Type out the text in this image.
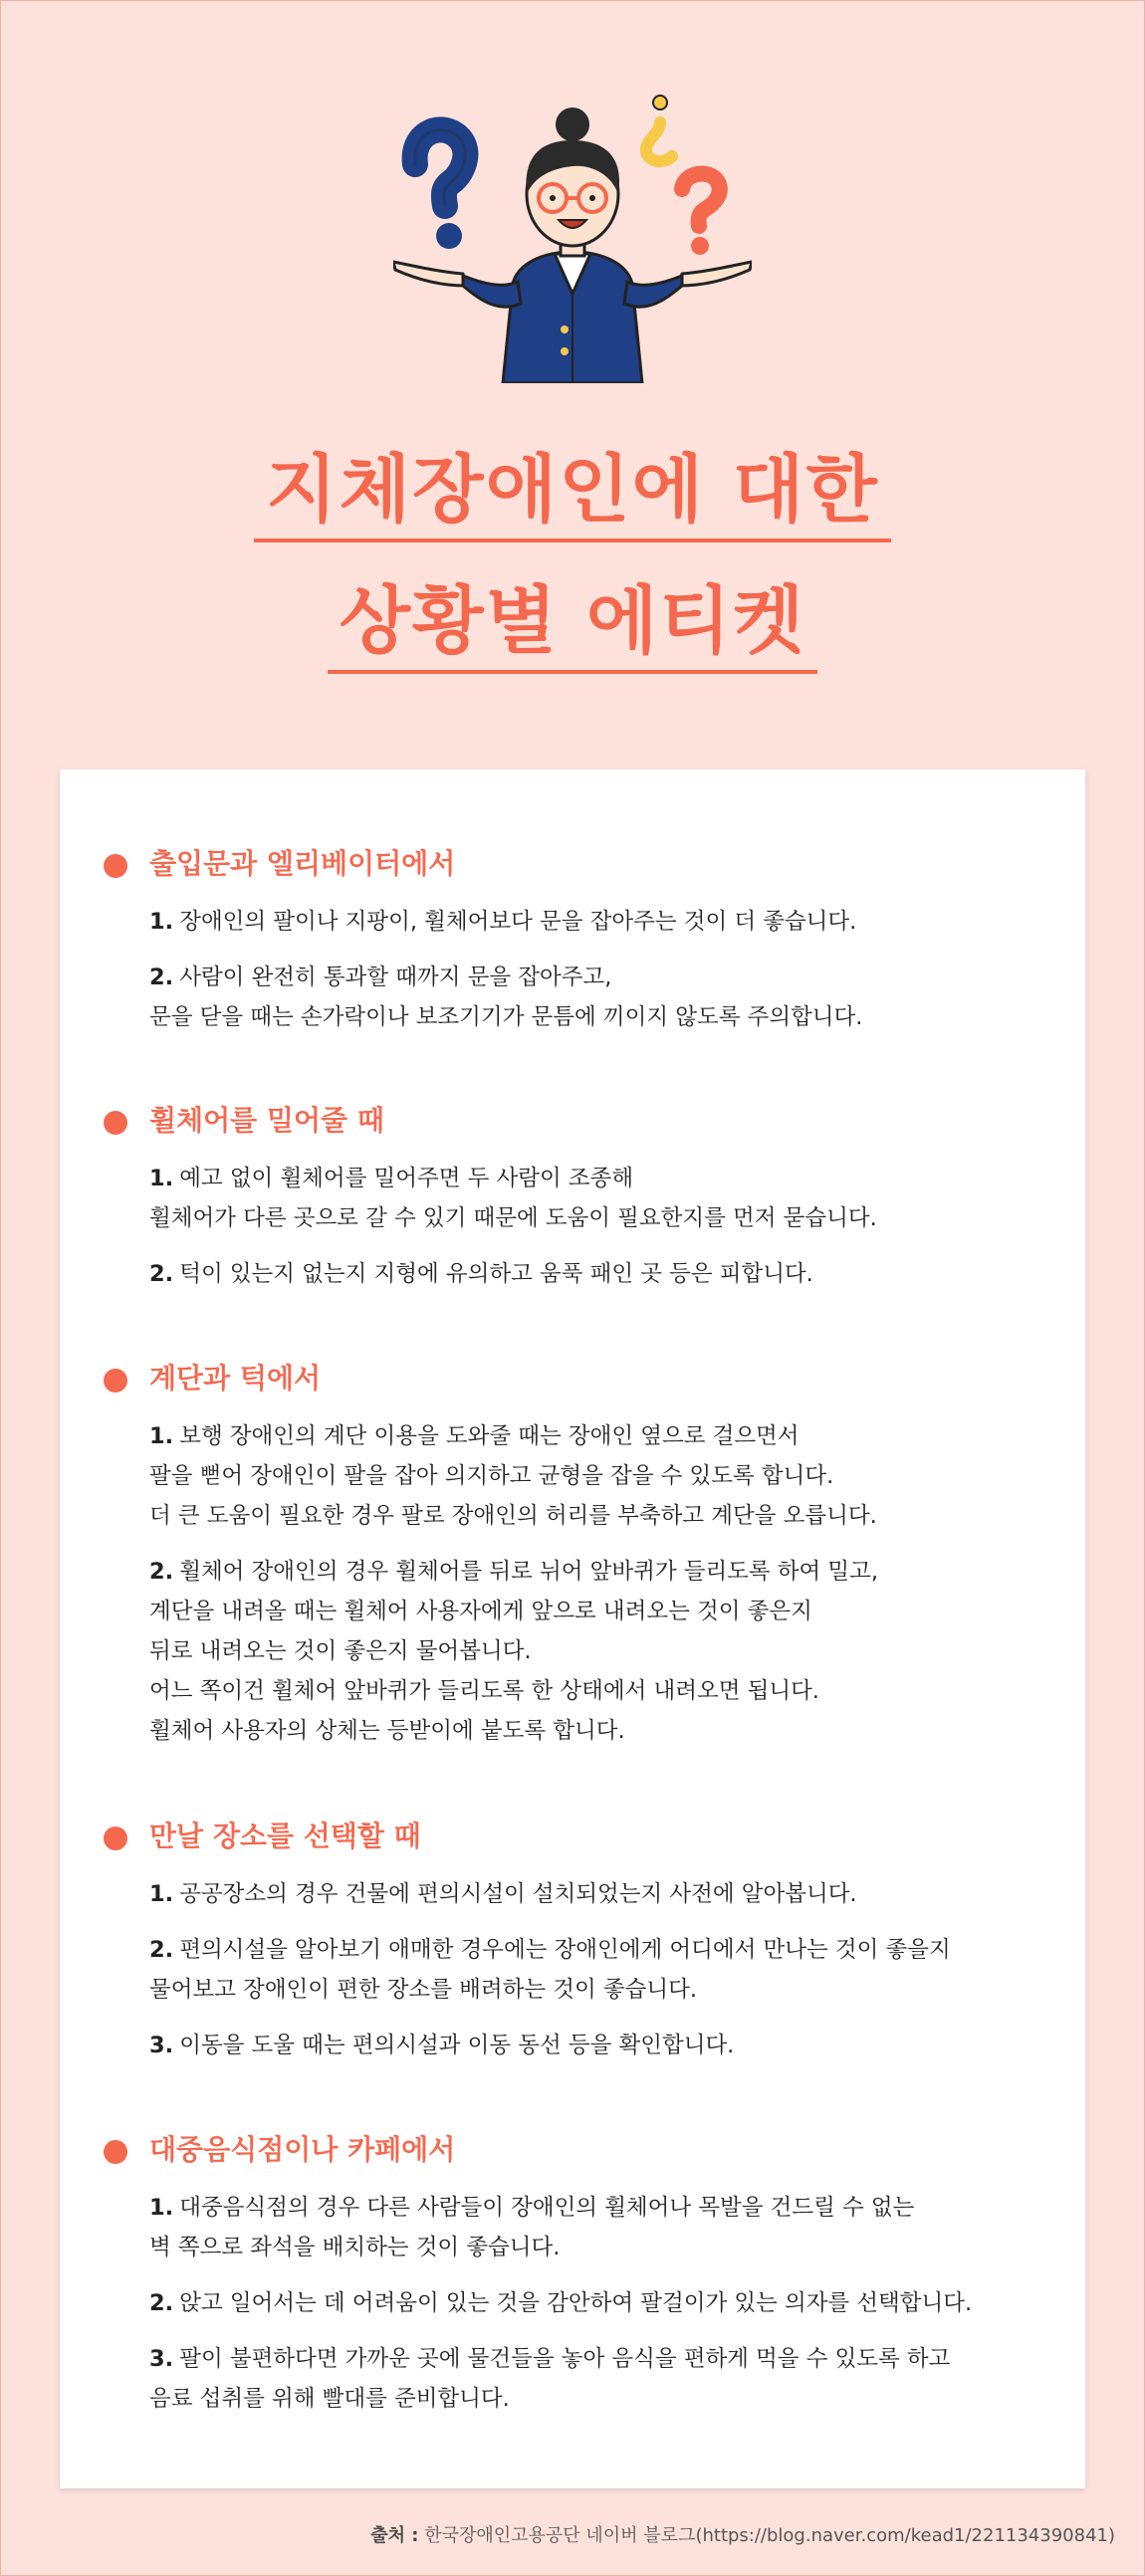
지체장애인에 대한
상황별 에티켓
출입문과 엘리베이터에서
1. 장애인의 팔이나 지팡이, 휠체어보다 문을 잡아주는 것이 더 좋습니다.
2. 사람이 완전히 통과할 때까지 문을 잡아주고,
문을 닫을 때는 손가락이나 보조기기가 문틈에 끼이지 않도록 주의합니다.
휠체어를 밀어줄 때
1. 예고 없이 휠체어를 밀어주면 두 사람이 조종해
휠체어가 다른 곳으로 갈 수 있기 때문에 도움이 필요한지를 먼저 묻습니다.
2. 턱이 있는지 없는지 지형에 유의하고 움푹 패인 곳 등은 피합니다.
계단과 턱에서
1. 보행 장애인의 계단 이용을 도와줄 때는 장애인 옆으로 걸으면서
팔을 뻗어 장애인이 팔을 잡아 의지하고 균형을 잡을 수 있도록 합니다.
더 큰 도움이 필요한 경우 팔로 장애인의 허리를 부축하고 계단을 오릅니다.
2. 휠체어 장애인의 경우 휠체어를 뒤로 뉘어 앞바퀴가 들리도록 하여 밀고,
계단을 내려올 때는 휠체어 사용자에게 앞으로 내려오는 것이 좋은지
뒤로 내려오는 것이 좋은지 물어봅니다.
어느 쪽이건 휠체어 앞바퀴가 들리도록 한 상태에서 내려오면 됩니다.
휠체어 사용자의 상체는 등받이에 붙도록 합니다.
만날 장소를 선택할 때
1. 공공장소의 경우 건물에 편의시설이 설치되었는지 사전에 알아봅니다.
2. 편의시설을 알아보기 애매한 경우에는 장애인에게 어디에서 만나는 것이 좋을지
물어보고 장애인이 편한 장소를 배려하는 것이 좋습니다.
3. 이동을 도울 때는 편의시설과 이동 동선 등을 확인합니다.
대중음식점이나 카페에서
1. 대중음식점의 경우 다른 사람들이 장애인의 휠체어나 목발을 건드릴 수 없는
벽 쪽으로 좌석을 배치하는 것이 좋습니다.
2. 앉고 일어서는 데 어려움이 있는 것을 감안하여 팔걸이가 있는 의자를 선택합니다.
3. 팔이 불편하다면 가까운 곳에 물건들을 놓아 음식을 편하게 먹을 수 있도록 하고
음료 섭취를 위해 빨대를 준비합니다.
출처 : 한국장애인고용공단 네이버 블로그(https://blog.naver.com/kead1/221134390841)
